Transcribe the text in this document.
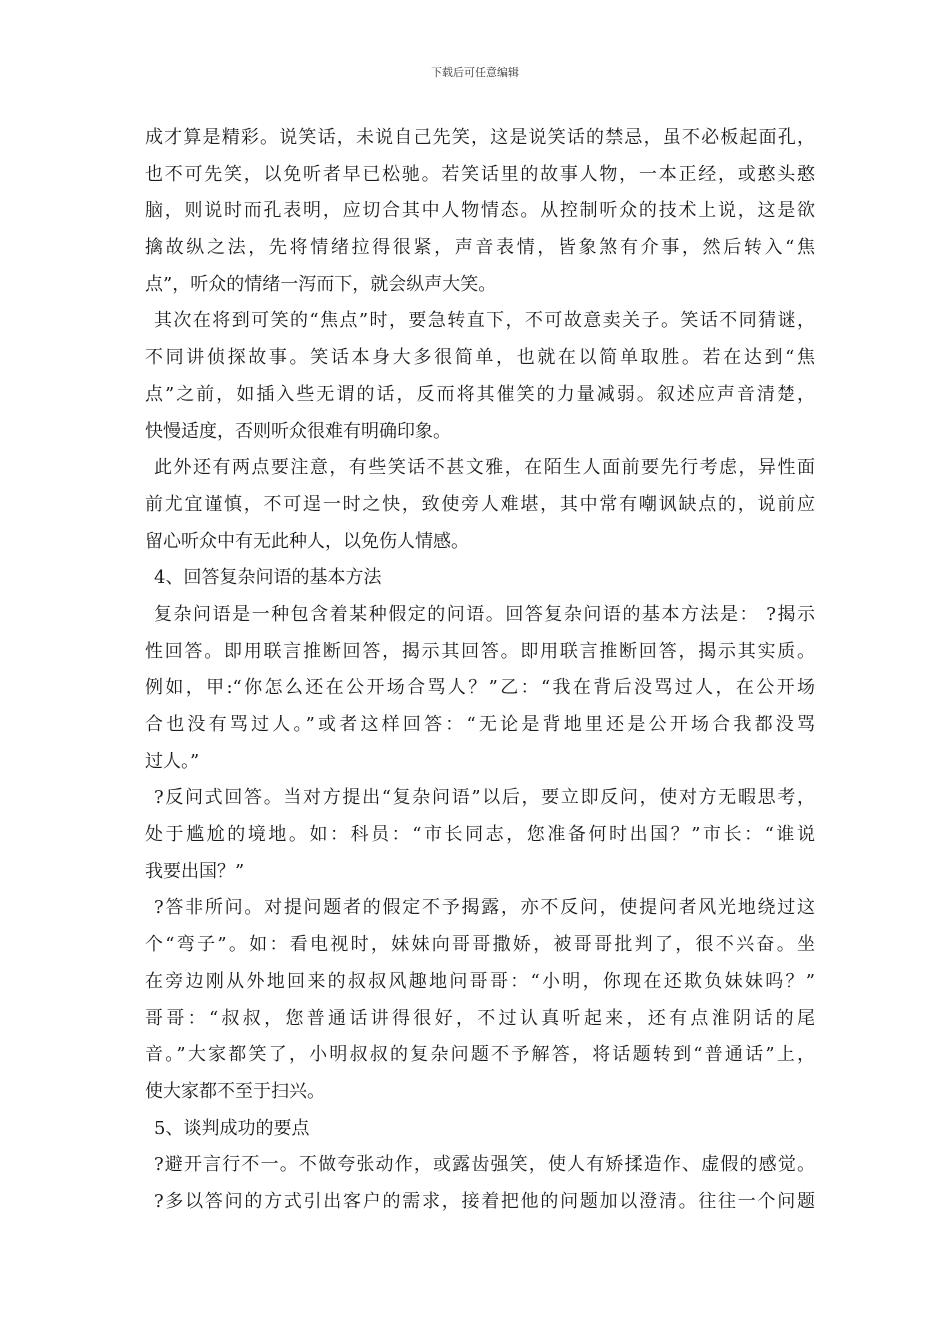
下载后可任意编辑
成才算是精彩。说笑话，未说自己先笑，这是说笑话的禁忌，虽不必板起面孔，
也不可先笑，以免听者早已松驰。若笑话里的故事人物，一本正经，或憨头憨
脑，则说时而孔表明，应切合其中人物情态。从控制听众的技术上说，这是欲
擒故纵之法，先将情绪拉得很紧，声音表情，皆象煞有介事，然后转入“焦
点”，听众的情绪一泻而下，就会纵声大笑。
其次在将到可笑的“焦点”时，要急转直下，不可故意卖关子。笑话不同猜谜，
不同讲侦探故事。笑话本身大多很简单，也就在以简单取胜。若在达到“焦
点”之前，如插入些无谓的话，反而将其催笑的力量减弱。叙述应声音清楚，
快慢适度，否则听众很难有明确印象。
此外还有两点要注意，有些笑话不甚文雅，在陌生人面前要先行考虑，异性面
前尤宜谨慎，不可逞一时之快，致使旁人难堪，其中常有嘲讽缺点的，说前应
留心听众中有无此种人，以免伤人情感。
4、回答复杂问语的基本方法
复杂问语是一种包含着某种假定的问语。回答复杂问语的基本方法是： ?揭示
性回答。即用联言推断回答，揭示其回答。即用联言推断回答，揭示其实质。
例如，甲:“你怎么还在公开场合骂人？”乙：“我在背后没骂过人，在公开场
合也没有骂过人。”或者这样回答：“无论是背地里还是公开场合我都没骂
过人。”
?反问式回答。当对方提出“复杂问语”以后，要立即反问，使对方无暇思考，
处于尴尬的境地。如：科员：“市长同志，您准备何时出国？”市长：“谁说
我要出国？”
?答非所问。对提问题者的假定不予揭露，亦不反问，使提问者风光地绕过这
个“弯子”。如：看电视时，妹妹向哥哥撒娇，被哥哥批判了，很不兴奋。坐
在旁边刚从外地回来的叔叔风趣地问哥哥：“小明，你现在还欺负妹妹吗？”
哥哥：“叔叔，您普通话讲得很好，不过认真听起来，还有点淮阴话的尾
音。”大家都笑了，小明叔叔的复杂问题不予解答，将话题转到“普通话”上，
使大家都不至于扫兴。
5、谈判成功的要点
?避开言行不一。不做夸张动作，或露齿强笑，使人有矫揉造作、虚假的感觉。
?多以答问的方式引出客户的需求，接着把他的问题加以澄清。往往一个问题
